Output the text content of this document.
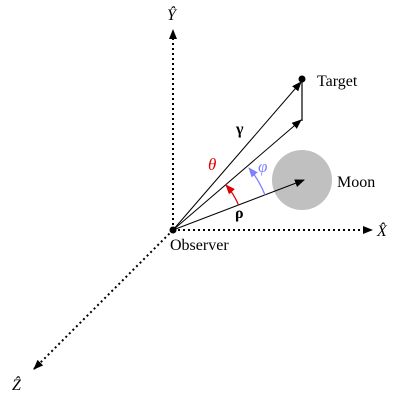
Ŷ
X̂
Ẑ
Observer
Target
Moon
γ
ρ
θ φ
